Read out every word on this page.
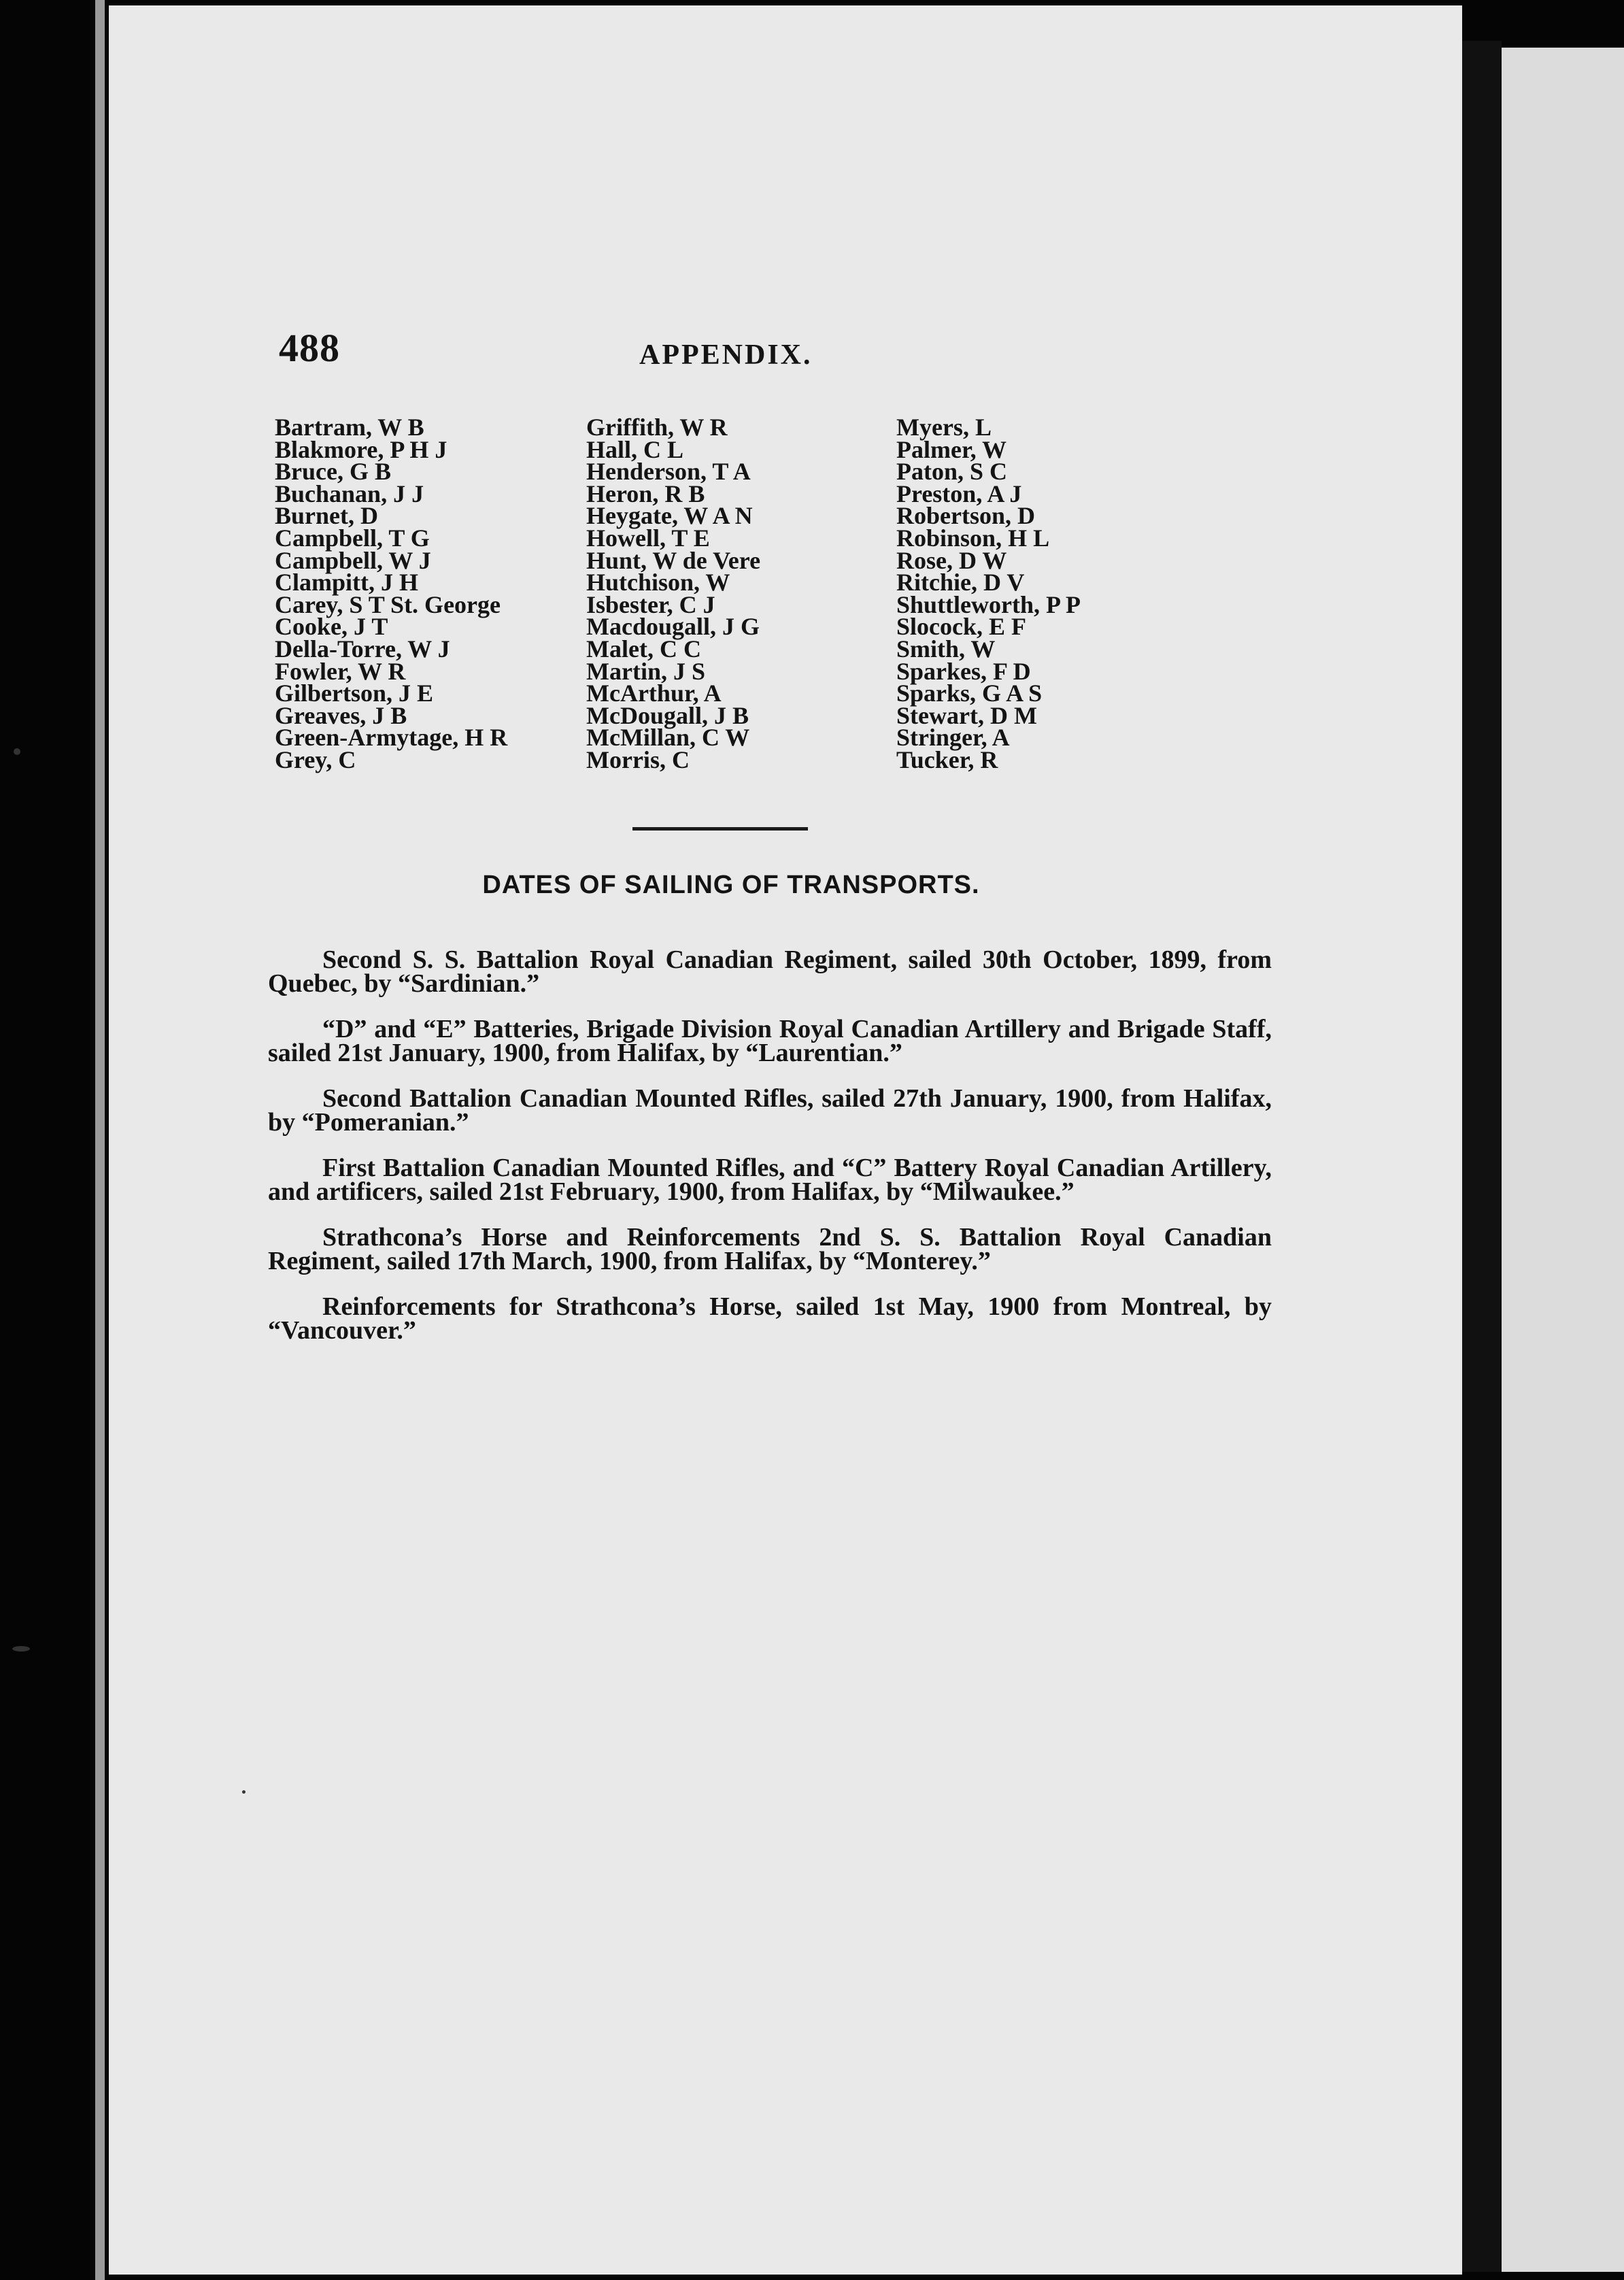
488	APPENDIX.
Bartram, W B
Blakmore, P H J
Bruce, G B
Buchanan, J J
Burnet, D
Campbell, T G
Campbell, W J
Clampitt, J H
Carey, S T St. George
Cooke, J T
Della-Torre, W J
Fowler, W R
Gilbertson, J E
Greaves, J B
Green-Armytage, H R
Grey, C
Griffith, W R
Hall, C L
Henderson, T A
Heron, R B
Heygate, W A N
Howell, T E
Hunt, W de Vere
Hutchison, W
Isbester, C J
Macdougall, J G
Malet, C C
Martin, J S
McArthur, A
McDougall, J B
McMillan, C W
Morris, C
Myers, L
Palmer, W
Paton, S C
Preston, A J
Robertson, D
Robinson, H L
Rose, D W
Ritchie, D V
Shuttleworth, P P
Slocock, E F
Smith, W
Sparkes, F D
Sparks, G A S
Stewart, D M
Stringer, A
Tucker, R
DATES OF SAILING OF TRANSPORTS.

Second S. S. Battalion Royal Canadian Regiment, sailed 30th October, 1899, from Quebec, by “Sardinian.”

“D” and “E” Batteries, Brigade Division Royal Canadian Artillery and Brigade Staff, sailed 21st January, 1900, from Halifax, by “Laurentian.”

Second Battalion Canadian Mounted Rifles, sailed 27th January, 1900, from Halifax, by “Pomeranian.”

First Battalion Canadian Mounted Rifles, and “C” Battery Royal Canadian Artillery, and artificers, sailed 21st February, 1900, from Halifax, by “Milwaukee.”

Strathcona’s Horse and Reinforcements 2nd S. S. Battalion Royal Canadian Regiment, sailed 17th March, 1900, from Halifax, by “Monterey.”

Reinforcements for Strathcona’s Horse, sailed 1st May, 1900 from Montreal, by “Vancouver.”
